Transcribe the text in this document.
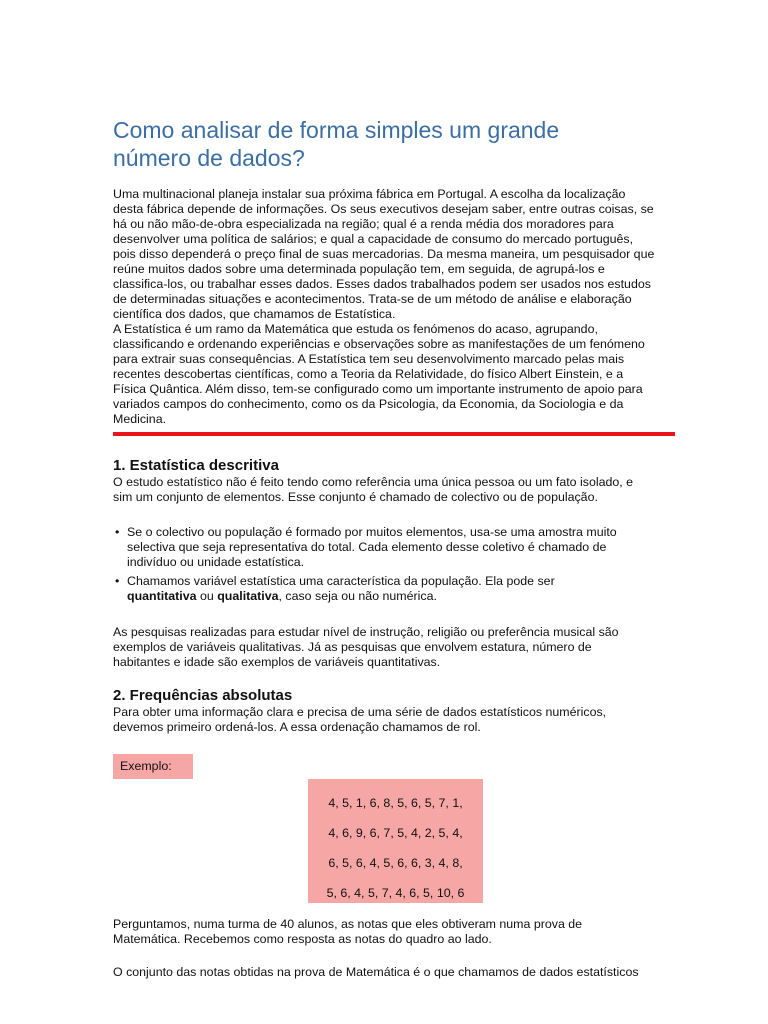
Como analisar de forma simples um grande número de dados?

Uma multinacional planeja instalar sua próxima fábrica em Portugal. A escolha da localização
desta fábrica depende de informações. Os seus executivos desejam saber, entre outras coisas, se
há ou não mão-de-obra especializada na região; qual é a renda média dos moradores para
desenvolver uma política de salários; e qual a capacidade de consumo do mercado português,
pois disso dependerá o preço final de suas mercadorias. Da mesma maneira, um pesquisador que
reúne muitos dados sobre uma determinada população tem, em seguida, de agrupá-los e
classifica-los, ou trabalhar esses dados. Esses dados trabalhados podem ser usados nos estudos
de determinadas situações e acontecimentos. Trata-se de um método de análise e elaboração
científica dos dados, que chamamos de Estatística.
A Estatística é um ramo da Matemática que estuda os fenómenos do acaso, agrupando,
classificando e ordenando experiências e observações sobre as manifestações de um fenómeno
para extrair suas consequências. A Estatística tem seu desenvolvimento marcado pelas mais
recentes descobertas científicas, como a Teoria da Relatividade, do físico Albert Einstein, e a
Física Quântica. Além disso, tem-se configurado como um importante instrumento de apoio para
variados campos do conhecimento, como os da Psicologia, da Economia, da Sociologia e da
Medicina.

1. Estatística descritiva

O estudo estatístico não é feito tendo como referência uma única pessoa ou um fato isolado, e
sim um conjunto de elementos. Esse conjunto é chamado de colectivo ou de população.

• Se o colectivo ou população é formado por muitos elementos, usa-se uma amostra muito
selectiva que seja representativa do total. Cada elemento desse coletivo é chamado de
indivíduo ou unidade estatística.
• Chamamos variável estatística uma característica da população. Ela pode ser
quantitativa ou qualitativa, caso seja ou não numérica.

As pesquisas realizadas para estudar nível de instrução, religião ou preferência musical são
exemplos de variáveis qualitativas. Já as pesquisas que envolvem estatura, número de
habitantes e idade são exemplos de variáveis quantitativas.

2. Frequências absolutas

Para obter uma informação clara e precisa de uma série de dados estatísticos numéricos,
devemos primeiro ordená-los. A essa ordenação chamamos de rol.

Exemplo:
4, 5, 1, 6, 8, 5, 6, 5, 7, 1,
4, 6, 9, 6, 7, 5, 4, 2, 5, 4,
6, 5, 6, 4, 5, 6, 6, 3, 4, 8,
5, 6, 4, 5, 7, 4, 6, 5, 10, 6

Perguntamos, numa turma de 40 alunos, as notas que eles obtiveram numa prova de
Matemática. Recebemos como resposta as notas do quadro ao lado.

O conjunto das notas obtidas na prova de Matemática é o que chamamos de dados estatísticos
